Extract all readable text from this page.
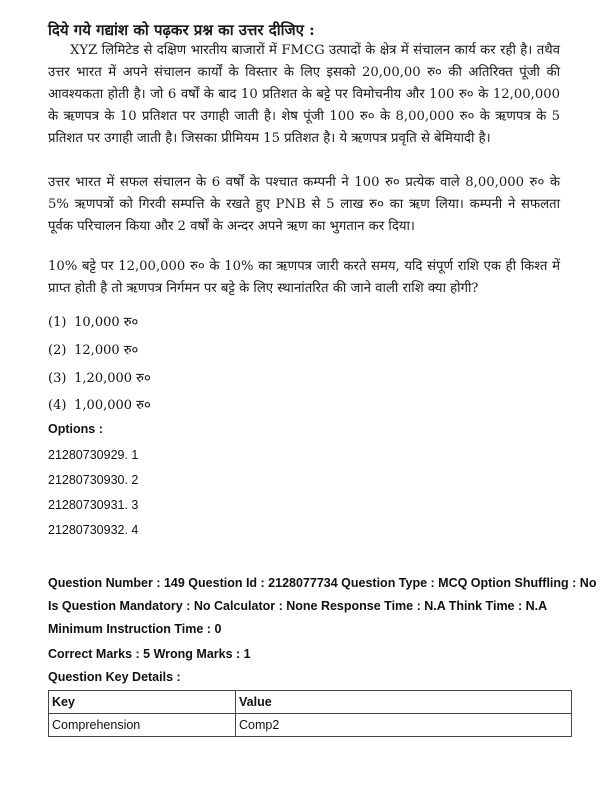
दिये गये गद्यांश को पढ़कर प्रश्न का उत्तर दीजिए :
XYZ लिमिटेड से दक्षिण भारतीय बाजारों में FMCG उत्पादों के क्षेत्र में संचालन कार्य कर रही है। तथैव उत्तर भारत में अपने संचालन कार्यों के विस्तार के लिए इसको 20,00,00 रु० की अतिरिक्त पूंजी की आवश्यकता होती है। जो 6 वर्षों के बाद 10 प्रतिशत के बट्टे पर विमोचनीय और 100 रु० के 12,00,000 के ऋणपत्र के 10 प्रतिशत पर उगाही जाती है। शेष पूंजी 100 रु० के 8,00,000 रु० के ऋणपत्र के 5 प्रतिशत पर उगाही जाती है। जिसका प्रीमियम 15 प्रतिशत है। ये ऋणपत्र प्रवृति से बेमियादी है।
उत्तर भारत में सफल संचालन के 6 वर्षों के पश्चात कम्पनी ने 100 रु० प्रत्येक वाले 8,00,000 रु० के 5% ऋणपत्रों को गिरवी सम्पत्ति के रखते हुए PNB से 5 लाख रु० का ऋण लिया। कम्पनी ने सफलता पूर्वक परिचालन किया और 2 वर्षों के अन्दर अपने ऋण का भुगतान कर दिया।
10% बट्टे पर 12,00,000 रु० के 10% का ऋणपत्र जारी करते समय, यदि संपूर्ण राशि एक ही किश्त में प्राप्त होती है तो ऋणपत्र निर्गमन पर बट्टे के लिए स्थानांतरित की जाने वाली राशि क्या होगी?
(1) 10,000 रु०
(2) 12,000 रु०
(3) 1,20,000 रु०
(4) 1,00,000 रु०
Options :
21280730929. 1
21280730930. 2
21280730931. 3
21280730932. 4
Question Number : 149 Question Id : 2128077734 Question Type : MCQ Option Shuffling : No
Is Question Mandatory : No Calculator : None Response Time : N.A Think Time : N.A
Minimum Instruction Time : 0
Correct Marks : 5 Wrong Marks : 1
Question Key Details :
Key	Value
Comprehension	Comp2
